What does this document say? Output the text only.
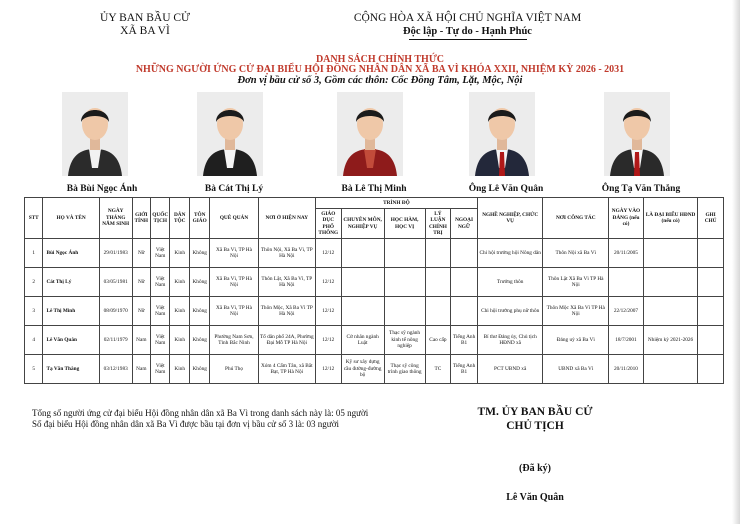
ỦY BAN BẦU CỬ
XÃ BA VÌ
CỘNG HÒA XÃ HỘI CHỦ NGHĨA VIỆT NAM
Độc lập - Tự do - Hạnh Phúc
DANH SÁCH CHÍNH THỨC
NHỮNG NGƯỜI ỨNG CỬ ĐẠI BIỂU HỘI ĐỒNG NHÂN DÂN XÃ BA VÌ KHÓA XXII, NHIỆM KỲ 2026 - 2031
Đơn vị bầu cử số 3, Gồm các thôn: Cốc Đồng Tâm, Lặt, Mộc, Nội
Bà Bùi Ngọc Ánh	Bà Cát Thị Lý	Bà Lê Thị Minh	Ông Lê Văn Quân	Ông Tạ Văn Thắng
STT	HỌ VÀ TÊN	NGÀY THÁNG NĂM SINH	GIỚI TÍNH	QUỐC TỊCH	DÂN TỘC	TÔN GIÁO	QUÊ QUÁN	NƠI Ở HIỆN NAY	TRÌNH ĐỘ					NGHỀ NGHIỆP, CHỨC VỤ	NƠI CÔNG TÁC	NGÀY VÀO ĐẢNG (nếu có)	LÀ ĐẠI BIỂU HĐND (nếu có)	GHI CHÚ
									GIÁO DỤC PHỔ THÔNG	CHUYÊN MÔN, NGHIỆP VỤ	HỌC HÀM, HỌC VỊ	LÝ LUẬN CHÍNH TRỊ	NGOẠI NGỮ					
1	Bùi Ngọc Ánh	29/01/1983	Nữ	Việt Nam	Kinh	Không	Xã Ba Vì, TP Hà Nội	Thôn Nội, Xã Ba Vì, TP Hà Nội	12/12					Chi hội trưởng hội Nông dân	Thôn Nội xã Ba Vì	20/11/2005		
2	Cát Thị Lý	03/05/1981	Nữ	Việt Nam	Kinh	Không	Xã Ba Vì, TP Hà Nội	Thôn Lặt, Xã Ba Vì, TP Hà Nội	12/12					Trưởng thôn	Thôn Lặt Xã Ba Vì TP Hà Nội			
3	Lê Thị Minh	08/09/1970	Nữ	Việt Nam	Kinh	Không	Xã Ba Vì, TP Hà Nội	Thôn Mộc, Xã Ba Vì TP Hà Nội	12/12					Chi hội trưởng phụ nữ thôn	Thôn Mộc Xã Ba Vì TP Hà Nội	22/12/2007		
4	Lê Văn Quân	02/11/1979	Nam	Việt Nam	Kinh	Không	Phường Nam Sơn, Tỉnh Bắc Ninh	Tổ dân phố 24A, Phường Đại Mỗ TP Hà Nội	12/12	Cử nhân ngành Luật	Thạc sỹ ngành kinh tế nông nghiệp	Cao cấp	Tiếng Anh B1	Bí thư Đảng ủy, Chủ tịch HĐND xã	Đảng uỷ xã Ba Vì	18/7/2001	Nhiệm kỳ 2021-2026	
5	Tạ Văn Thắng	03/12/1983	Nam	Việt Nam	Kinh	Không	Phú Thọ	Xóm 4 Cẩm Tân, xã Bắt Bạt, TP Hà Nội	12/12	Kỹ sư xây dựng cầu đường-đường bộ	Thạc sỹ công trình giao thông	TC	Tiếng Anh B1	PCT UBND xã	UBND xã Ba Vì	20/11/2010		
Tổng số người ứng cử đại biểu Hội đồng nhân dân xã Ba Vì trong danh sách này là: 05 người
Số đại biểu Hội đồng nhân dân xã Ba Vì được bầu tại đơn vị bầu cử số 3 là: 03 người
TM. ỦY BAN BẦU CỬ
CHỦ TỊCH
(Đã ký)
Lê Văn Quân
